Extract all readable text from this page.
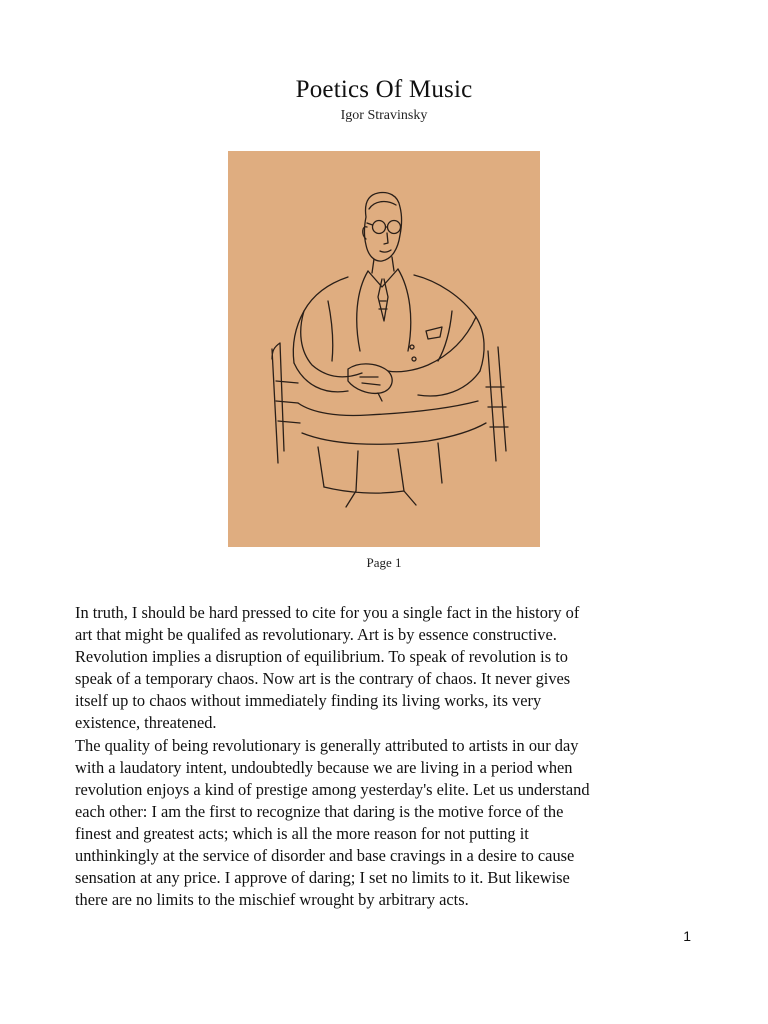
Poetics Of Music
Igor Stravinsky
Page 1

In truth, I should be hard pressed to cite for you a single fact in the history of

art that might be qualifed as revolutionary. Art is by essence constructive.

Revolution implies a disruption of equilibrium. To speak of revolution is to

speak of a temporary chaos. Now art is the contrary of chaos. It never gives

itself up to chaos without immediately finding its living works, its very

existence, threatened.

The quality of being revolutionary is generally attributed to artists in our day

with a laudatory intent, undoubtedly because we are living in a period when

revolution enjoys a kind of prestige among yesterday's elite. Let us understand

each other: I am the first to recognize that daring is the motive force of the

finest and greatest acts; which is all the more reason for not putting it

unthinkingly at the service of disorder and base cravings in a desire to cause

sensation at any price. I approve of daring; I set no limits to it. But likewise

there are no limits to the mischief wrought by arbitrary acts.

1
